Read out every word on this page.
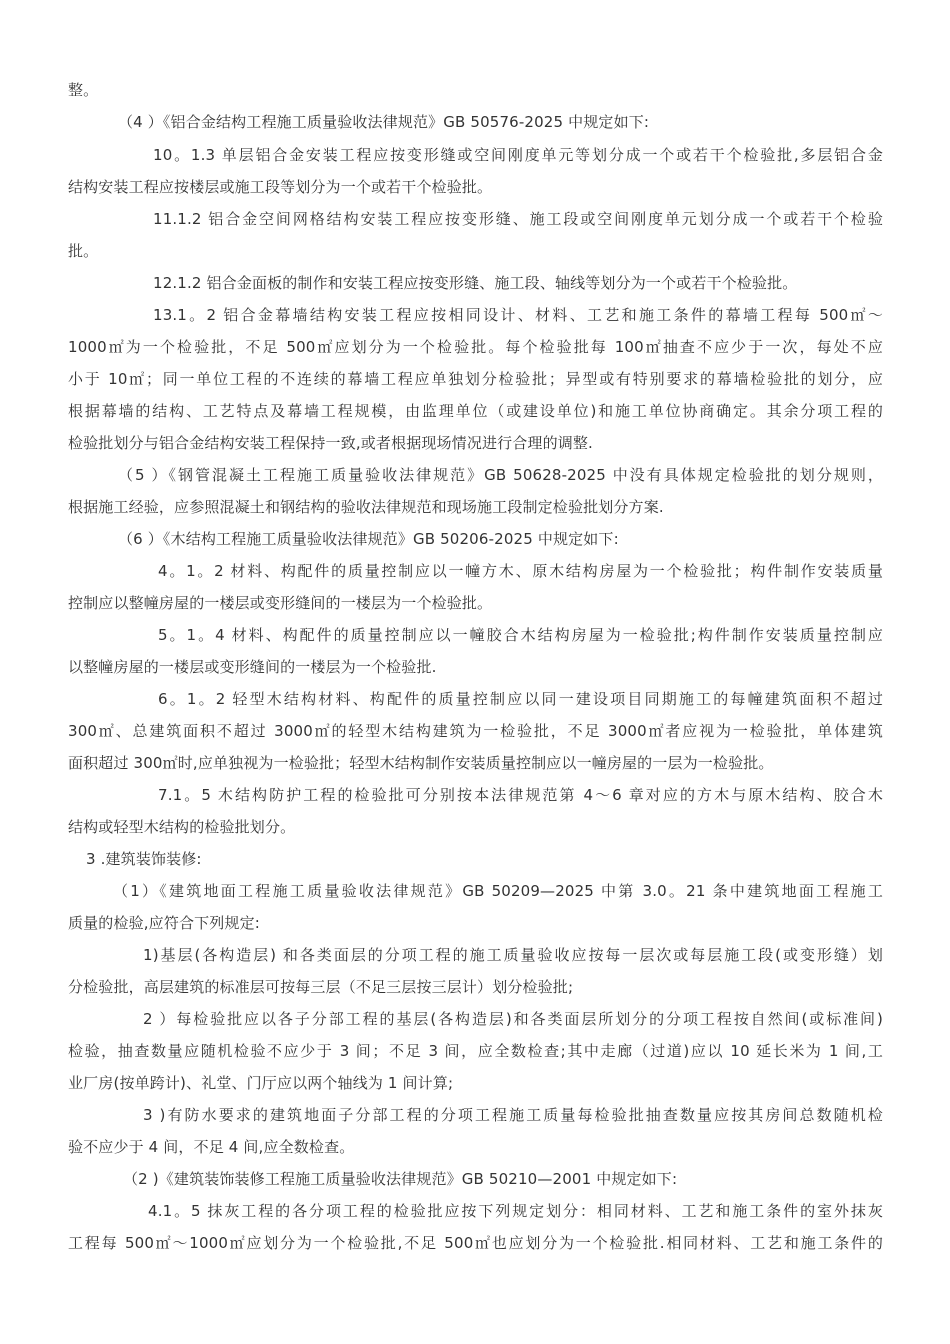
整。
（4 ）《铝合金结构工程施工质量验收法律规范》GB 50576-2025 中规定如下:
10。1.3 单层铝合金安装工程应按变形缝或空间刚度单元等划分成一个或若干个检验批,多层铝合金
结构安装工程应按楼层或施工段等划分为一个或若干个检验批。
11.1.2 铝合金空间网格结构安装工程应按变形缝、施工段或空间刚度单元划分成一个或若干个检验
批。
12.1.2 铝合金面板的制作和安装工程应按变形缝、施工段、轴线等划分为一个或若干个检验批。
13.1。2 铝合金幕墙结构安装工程应按相同设计、材料、工艺和施工条件的幕墙工程每 500㎡～
1000㎡为一个检验批，不足 500㎡应划分为一个检验批。每个检验批每 100㎡抽查不应少于一次，每处不应
小于 10㎡；同一单位工程的不连续的幕墙工程应单独划分检验批；异型或有特别要求的幕墙检验批的划分，应
根据幕墙的结构、工艺特点及幕墙工程规模，由监理单位（或建设单位)和施工单位协商确定。其余分项工程的
检验批划分与铝合金结构安装工程保持一致,或者根据现场情况进行合理的调整.
（5 ）《钢管混凝土工程施工质量验收法律规范》GB 50628-2025 中没有具体规定检验批的划分规则，
根据施工经验，应参照混凝土和钢结构的验收法律规范和现场施工段制定检验批划分方案.
（6 ）《木结构工程施工质量验收法律规范》GB 50206-2025 中规定如下:
4。1。2 材料、构配件的质量控制应以一幢方木、原木结构房屋为一个检验批；构件制作安装质量
控制应以整幢房屋的一楼层或变形缝间的一楼层为一个检验批。
5。1。4 材料、构配件的质量控制应以一幢胶合木结构房屋为一检验批;构件制作安装质量控制应
以整幢房屋的一楼层或变形缝间的一楼层为一个检验批.
6。1。2 轻型木结构材料、构配件的质量控制应以同一建设项目同期施工的每幢建筑面积不超过
300㎡、总建筑面积不超过 3000㎡的轻型木结构建筑为一检验批，不足 3000㎡者应视为一检验批，单体建筑
面积超过 300㎡时,应单独视为一检验批；轻型木结构制作安装质量控制应以一幢房屋的一层为一检验批。
7.1。5 木结构防护工程的检验批可分别按本法律规范第 4～6 章对应的方木与原木结构、胶合木
结构或轻型木结构的检验批划分。
3 .建筑装饰装修:
（1）《建筑地面工程施工质量验收法律规范》GB 50209—2025 中第 3.0。21 条中建筑地面工程施工
质量的检验,应符合下列规定:
1)基层(各构造层) 和各类面层的分项工程的施工质量验收应按每一层次或每层施工段(或变形缝）划
分检验批，高层建筑的标准层可按每三层（不足三层按三层计）划分检验批;
2 ）每检验批应以各子分部工程的基层(各构造层)和各类面层所划分的分项工程按自然间(或标准间)
检验，抽查数量应随机检验不应少于 3 间；不足 3 间，应全数检查;其中走廊（过道)应以 10 延长米为 1 间,工
业厂房(按单跨计)、礼堂、门厅应以两个轴线为 1 间计算;
3 )有防水要求的建筑地面子分部工程的分项工程施工质量每检验批抽查数量应按其房间总数随机检
验不应少于 4 间，不足 4 间,应全数检查。
（2 )《建筑装饰装修工程施工质量验收法律规范》GB 50210—2001 中规定如下:
4.1。5 抹灰工程的各分项工程的检验批应按下列规定划分：相同材料、工艺和施工条件的室外抹灰
工程每 500㎡～1000㎡应划分为一个检验批,不足 500㎡也应划分为一个检验批.相同材料、工艺和施工条件的
